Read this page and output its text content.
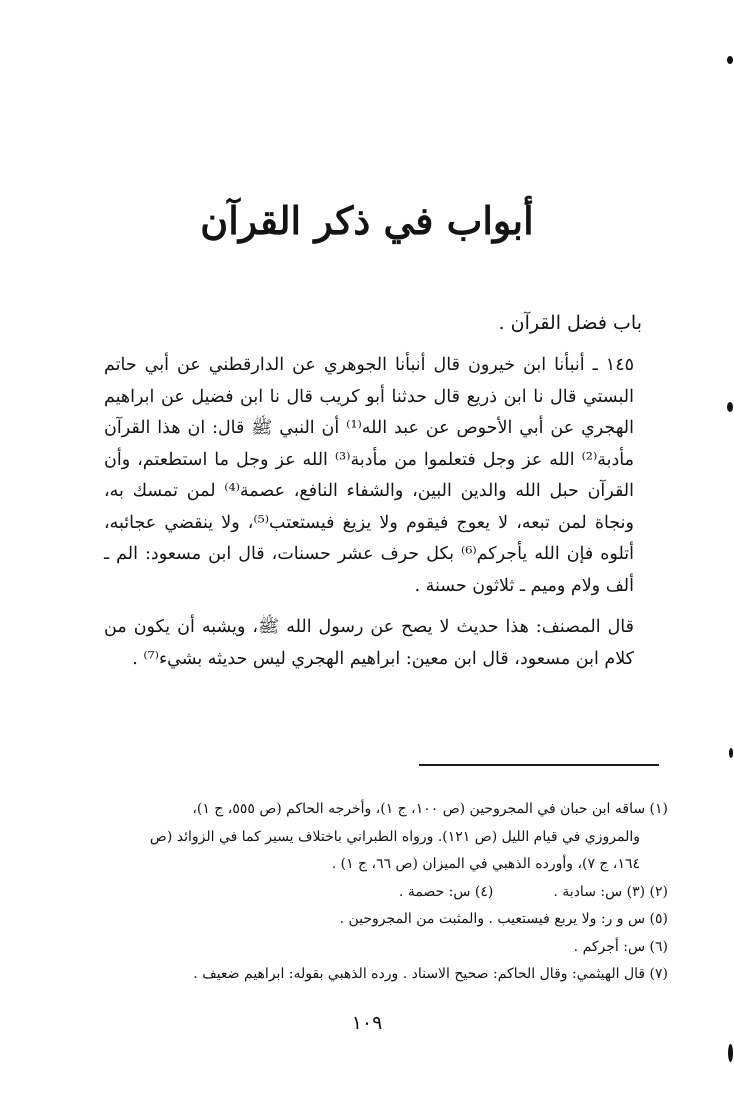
أبواب في ذكر القرآن
باب فضل القرآن .

١٤٥ ـ أنبأنا ابن خيرون قال أنبأنا الجوهري عن الدارقطني عن أبي حاتم البستي قال نا ابن ذريع قال حدثنا أبو كريب قال نا ابن فضيل عن ابراهيم الهجري عن أبي الأحوص عن عبد الله⁽¹⁾ أن النبي ﷺ قال: ان هذا القرآن مأدبة⁽²⁾ الله عز وجل فتعلموا من مأدبة⁽³⁾ الله عز وجل ما استطعتم، وأن القرآن حبل الله والدين البين، والشفاء النافع، عصمة⁽⁴⁾ لمن تمسك به، ونجاة لمن تبعه، لا يعوج فيقوم ولا يزيغ فيستعتب⁽⁵⁾، ولا ينقضي عجائبه، أتلوه فإن الله يأجركم⁽⁶⁾ بكل حرف عشر حسنات، قال ابن مسعود: الم ـ ألف ولام وميم ـ ثلاثون حسنة .

قال المصنف: هذا حديث لا يصح عن رسول الله ﷺ، ويشبه أن يكون من كلام ابن مسعود، قال ابن معين: ابراهيم الهجري ليس حديثه بشيء⁽⁷⁾ .

(١) ساقه ابن حبان في المجروحين (ص ١٠٠، ج ١)، وأخرجه الحاكم (ص ٥٥٥، ج ١)،

والمروزي في قيام الليل (ص ١٢١). ورواه الطبراني باختلاف يسير كما في الزوائد (ص

١٦٤، ج ٧)، وأورده الذهبي في الميزان (ص ٦٦، ج ١) .

(٢) (٣) س: سادبة .
(٤) س: حصمة .

(٥) س و ر: ولا يربع فيستعيب . والمثبت من المجروحين .

(٦) س: أجركم .

(٧) قال الهيثمي: وقال الحاكم: صحيح الاسناد . ورده الذهبي بقوله: ابراهيم ضعيف .

١٠٩
